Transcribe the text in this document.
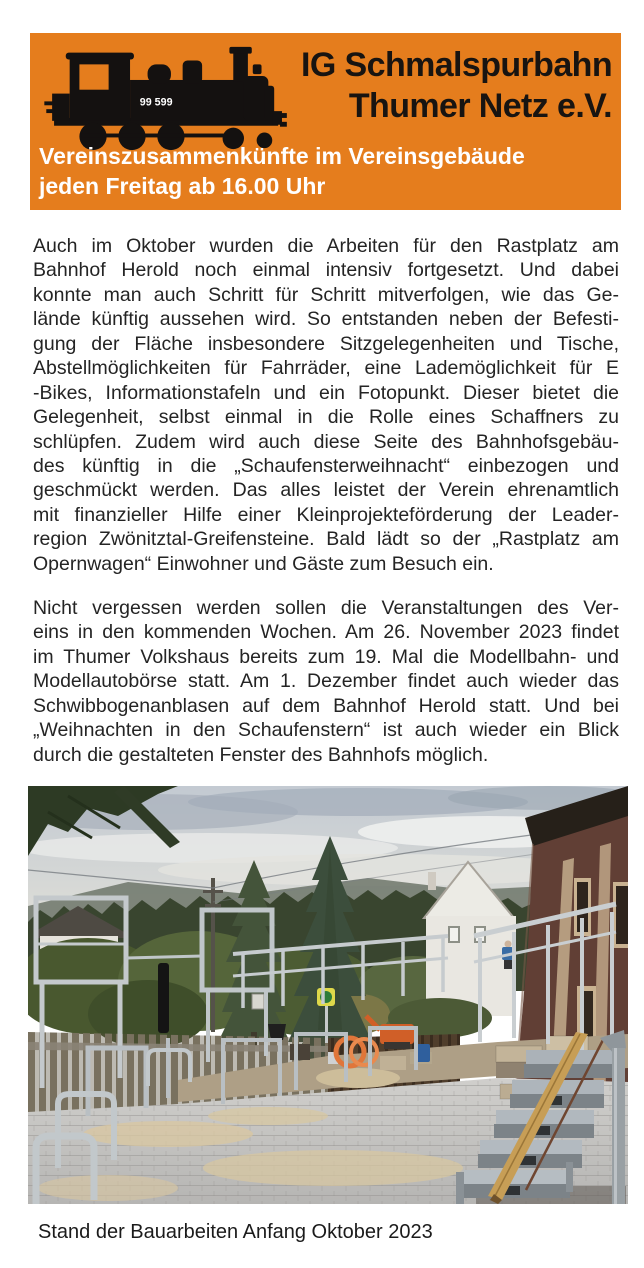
99 599
IG Schmalspurbahn
Thumer Netz e.V.
Vereinszusammenkünfte im Vereinsgebäude
jeden Freitag ab 16.00 Uhr
Auch im Oktober wurden die Arbeiten für den Rastplatz am
Bahnhof Herold noch einmal intensiv fortgesetzt. Und dabei
konnte man auch Schritt für Schritt mitverfolgen, wie das Ge-
lände künftig aussehen wird. So entstanden neben der Befesti-
gung der Fläche insbesondere Sitzgelegenheiten und Tische,
Abstellmöglichkeiten für Fahrräder, eine Lademöglichkeit für E
-Bikes, Informationstafeln und ein Fotopunkt. Dieser bietet die
Gelegenheit, selbst einmal in die Rolle eines Schaffners zu
schlüpfen. Zudem wird auch diese Seite des Bahnhofsgebäu-
des künftig in die „Schaufensterweihnacht“ einbezogen und
geschmückt werden. Das alles leistet der Verein ehrenamtlich
mit finanzieller Hilfe einer Kleinprojekteförderung der Leader-
region Zwönitztal-Greifensteine. Bald lädt so der „Rastplatz am
Opernwagen“ Einwohner und Gäste zum Besuch ein.
Nicht vergessen werden sollen die Veranstaltungen des Ver-
eins in den kommenden Wochen. Am 26. November 2023 findet
im Thumer Volkshaus bereits zum 19. Mal die Modellbahn- und
Modellautobörse statt. Am 1. Dezember findet auch wieder das
Schwibbogenanblasen auf dem Bahnhof Herold statt. Und bei
„Weihnachten in den Schaufenstern“ ist auch wieder ein Blick
durch die gestalteten Fenster des Bahnhofs möglich.
Stand der Bauarbeiten Anfang Oktober 2023
